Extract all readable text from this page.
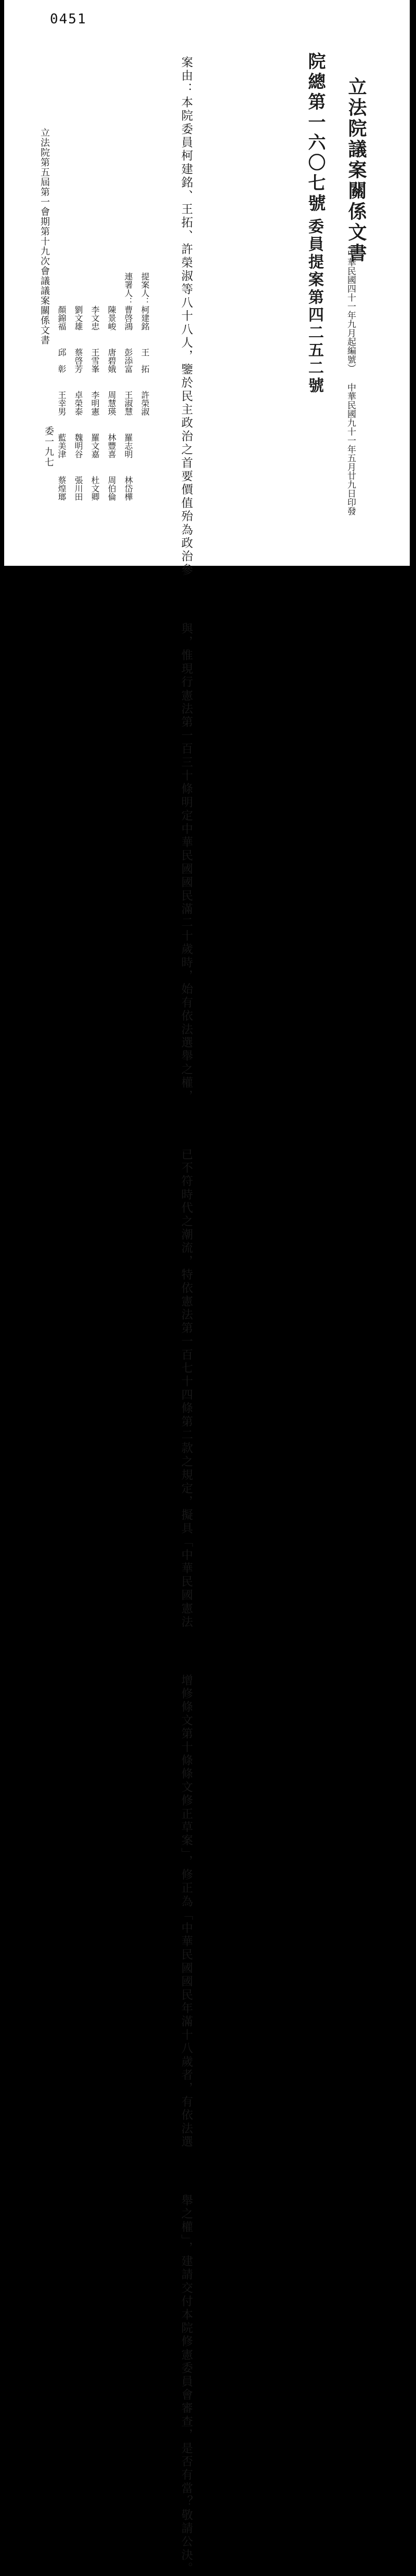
0451
立法院議案關係文書
（中華民國四十一年九月起編號） 中華民國九十一年五月廿九日印發
院總第一六〇七號
委員提案第四二五二號
案由：本院委員柯建銘、王拓、許榮淑等八十八人，鑒於民主政治之首要價值殆為政治參 與，惟現行憲法第一百三十條明定中華民國國民滿二十歲時，始有依法選舉之權， 已不符時代之潮流，特依憲法第一百七十四條第二款之規定，擬具「中華民國憲法 增修條文第十條條文修正草案」，修正為「中華民國國民年滿十八歲者，有依法選 舉之權」，建請交付本院修憲委員會審查，是否有當？敬請公決。
提案人：柯建銘王　拓許榮淑
連署人：曹啓鴻彭添富王淑慧羅志明林岱樺
陳景峻唐碧娥周慧瑛林豐喜周伯倫
李文忠王雪峯李明憲羅文嘉杜文卿
劉文雄蔡啓芳卓榮泰魏明谷張川田
顏錦福邱　彰王幸男藍美津蔡煌瑯
立法院第五屆第一會期第十九次會議議案關係文書
委一九七
